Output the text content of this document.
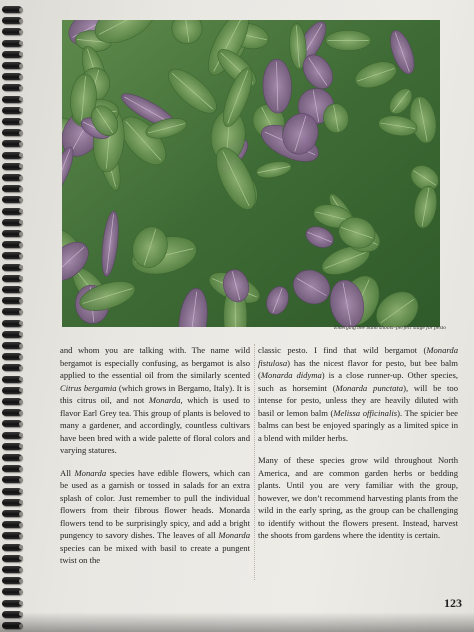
Emerging bee balm shoots–perfect stage for pesto

and whom you are talking with. The name wild bergamot is especially confusing, as bergamot is also applied to the essential oil from the similarly scented Citrus bergamia (which grows in Bergamo, Italy). It is this citrus oil, and not Monarda, which is used to flavor Earl Grey tea. This group of plants is beloved to many a gardener, and accordingly, countless cultivars have been bred with a wide palette of floral colors and varying statures.

All Monarda species have edible flowers, which can be used as a garnish or tossed in salads for an extra splash of color. Just remember to pull the individual flowers from their fibrous flower heads. Monarda flowers tend to be surprisingly spicy, and add a bright pungency to savory dishes. The leaves of all Monarda species can be mixed with basil to create a pungent twist on the

classic pesto. I find that wild bergamot (Monarda fistulosa) has the nicest flavor for pesto, but bee balm (Monarda didyma) is a close runner-up. Other species, such as horsemint (Monarda punctata), will be too intense for pesto, unless they are heavily diluted with basil or lemon balm (Melissa officinalis). The spicier bee balms can best be enjoyed sparingly as a limited spice in a blend with milder herbs.

Many of these species grow wild throughout North America, and are common garden herbs or bedding plants. Until you are very familiar with the group, however, we don’t recommend harvesting plants from the wild in the early spring, as the group can be challenging to identify without the flowers present. Instead, harvest the shoots from gardens where the identity is certain.

123
